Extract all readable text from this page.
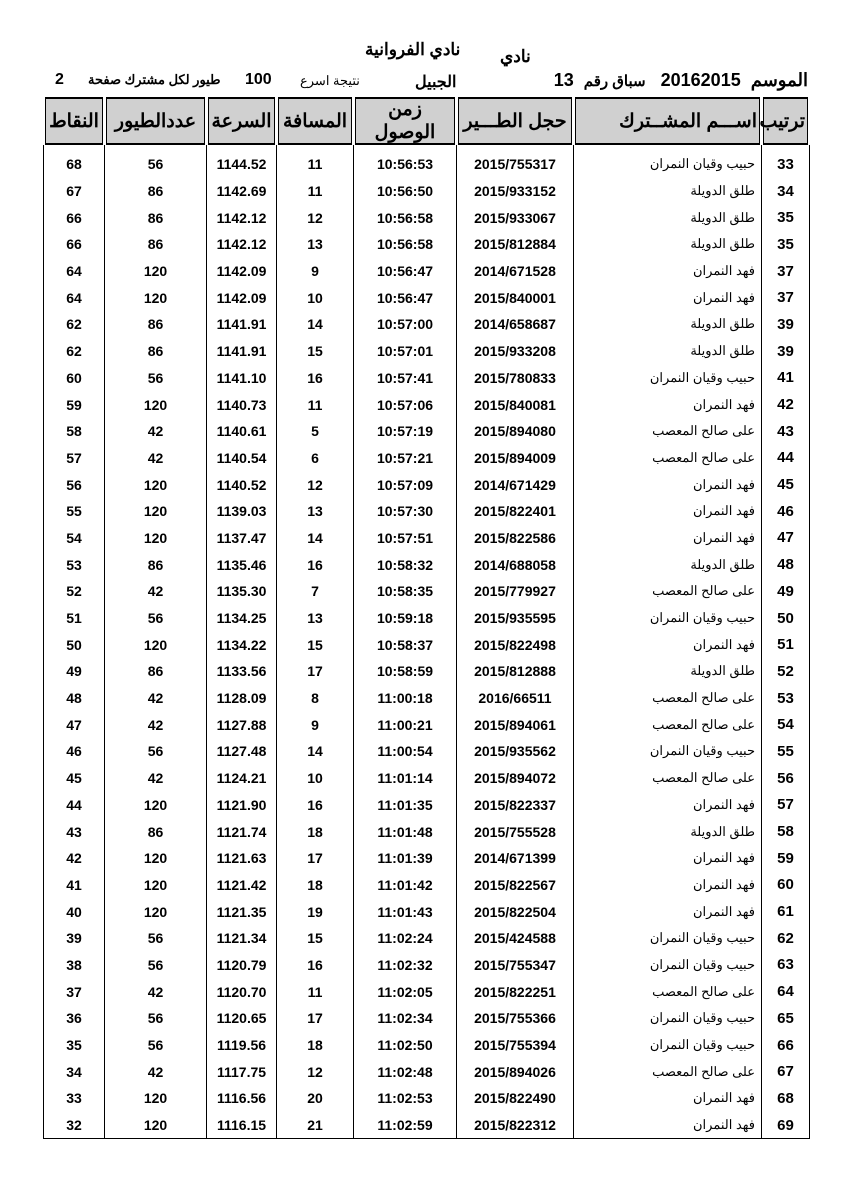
نادي
نادي الفروانية
الموسم  20162015   سباق رقم  13
الجبيل
نتيجة اسرع
100
طيور لكل مشترك صفحة
2
ترتيب	اســـم المشــترك	حجل الطـــير	زمن الوصول	المسافة	السرعة	عددالطيور	النقاط
33	حبيب وقيان النمران	2015/755317	10:56:53	11	1144.52	56	68
34	طلق الدويلة	2015/933152	10:56:50	11	1142.69	86	67
35	طلق الدويلة	2015/933067	10:56:58	12	1142.12	86	66
35	طلق الدويلة	2015/812884	10:56:58	13	1142.12	86	66
37	فهد النمران	2014/671528	10:56:47	9	1142.09	120	64
37	فهد النمران	2015/840001	10:56:47	10	1142.09	120	64
39	طلق الدويلة	2014/658687	10:57:00	14	1141.91	86	62
39	طلق الدويلة	2015/933208	10:57:01	15	1141.91	86	62
41	حبيب وقيان النمران	2015/780833	10:57:41	16	1141.10	56	60
42	فهد النمران	2015/840081	10:57:06	11	1140.73	120	59
43	على صالح المعصب	2015/894080	10:57:19	5	1140.61	42	58
44	على صالح المعصب	2015/894009	10:57:21	6	1140.54	42	57
45	فهد النمران	2014/671429	10:57:09	12	1140.52	120	56
46	فهد النمران	2015/822401	10:57:30	13	1139.03	120	55
47	فهد النمران	2015/822586	10:57:51	14	1137.47	120	54
48	طلق الدويلة	2014/688058	10:58:32	16	1135.46	86	53
49	على صالح المعصب	2015/779927	10:58:35	7	1135.30	42	52
50	حبيب وقيان النمران	2015/935595	10:59:18	13	1134.25	56	51
51	فهد النمران	2015/822498	10:58:37	15	1134.22	120	50
52	طلق الدويلة	2015/812888	10:58:59	17	1133.56	86	49
53	على صالح المعصب	2016/66511	11:00:18	8	1128.09	42	48
54	على صالح المعصب	2015/894061	11:00:21	9	1127.88	42	47
55	حبيب وقيان النمران	2015/935562	11:00:54	14	1127.48	56	46
56	على صالح المعصب	2015/894072	11:01:14	10	1124.21	42	45
57	فهد النمران	2015/822337	11:01:35	16	1121.90	120	44
58	طلق الدويلة	2015/755528	11:01:48	18	1121.74	86	43
59	فهد النمران	2014/671399	11:01:39	17	1121.63	120	42
60	فهد النمران	2015/822567	11:01:42	18	1121.42	120	41
61	فهد النمران	2015/822504	11:01:43	19	1121.35	120	40
62	حبيب وقيان النمران	2015/424588	11:02:24	15	1121.34	56	39
63	حبيب وقيان النمران	2015/755347	11:02:32	16	1120.79	56	38
64	على صالح المعصب	2015/822251	11:02:05	11	1120.70	42	37
65	حبيب وقيان النمران	2015/755366	11:02:34	17	1120.65	56	36
66	حبيب وقيان النمران	2015/755394	11:02:50	18	1119.56	56	35
67	على صالح المعصب	2015/894026	11:02:48	12	1117.75	42	34
68	فهد النمران	2015/822490	11:02:53	20	1116.56	120	33
69	فهد النمران	2015/822312	11:02:59	21	1116.15	120	32
